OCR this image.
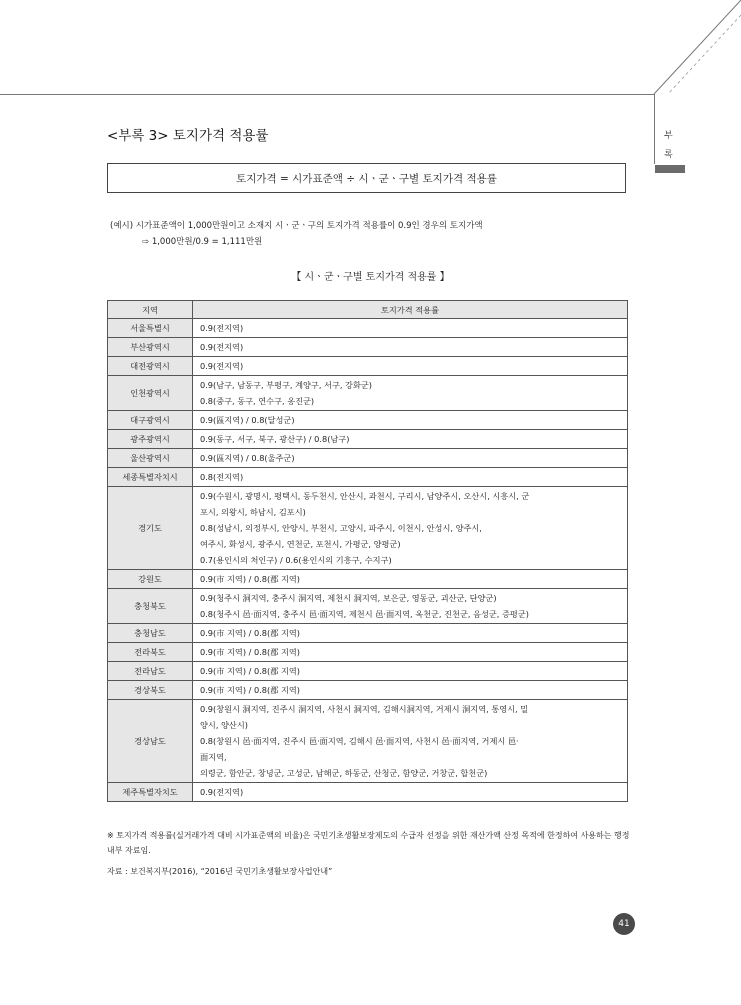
부
록
<부록 3> 토지가격 적용률
토지가격 = 시가표준액 ÷ 시ㆍ군ㆍ구별 토지가격 적용률
(예시) 시가표준액이 1,000만원이고 소재지 시ㆍ군ㆍ구의 토지가격 적용률이 0.9인 경우의 토지가액
⇨ 1,000만원/0.9 = 1,111만원
【 시ㆍ군ㆍ구별 토지가격 적용률 】
지역	토지가격 적용률
서울특별시	0.9(전지역)

부산광역시	0.9(전지역)

대전광역시	0.9(전지역)

인천광역시	0.9(남구, 남동구, 부평구, 계양구, 서구, 강화군)
0.8(중구, 동구, 연수구, 옹진군)

대구광역시	0.9(區지역) / 0.8(달성군)

광주광역시	0.9(동구, 서구, 북구, 광산구) / 0.8(남구)

울산광역시	0.9(區지역) / 0.8(울주군)

세종특별자치시	0.8(전지역)

경기도	0.9(수원시, 광명시, 평택시, 동두천시, 안산시, 과천시, 구리시, 남양주시, 오산시, 시흥시, 군
포시, 의왕시, 하남시, 김포시)
0.8(성남시, 의정부시, 안양시, 부천시, 고양시, 파주시, 이천시, 안성시, 양주시,
여주시, 화성시, 광주시, 연천군, 포천시, 가평군, 양평군)
0.7(용인시의 처인구) / 0.6(용인시의 기흥구, 수지구)

강원도	0.9(市 지역) / 0.8(郡 지역)

충청북도	0.9(청주시 洞지역, 충주시 洞지역, 제천시 洞지역, 보은군, 영동군, 괴산군, 단양군)
0.8(청주시 邑·面지역, 충주시 邑·面지역, 제천시 邑·面지역, 옥천군, 진천군, 음성군, 증평군)

충청남도	0.9(市 지역) / 0.8(郡 지역)

전라북도	0.9(市 지역) / 0.8(郡 지역)

전라남도	0.9(市 지역) / 0.8(郡 지역)

경상북도	0.9(市 지역) / 0.8(郡 지역)

경상남도	0.9(창원시 洞지역, 진주시 洞지역, 사천시 洞지역, 김해시洞지역, 거제시 洞지역, 통영시, 밀
양시, 양산시)
0.8(창원시 邑·面지역, 진주시 邑·面지역, 김해시 邑·面지역, 사천시 邑·面지역, 거제시 邑·
面지역,
의령군, 함안군, 창녕군, 고성군, 남해군, 하동군, 산청군, 함양군, 거창군, 합천군)

제주특별자치도	0.9(전지역)
※ 토지가격 적용률(실거래가격 대비 시가표준액의 비율)은 국민기초생활보장제도의 수급자 선정을 위한 재산가액 산정 목적에 한정하여 사용하는 행정내부 자료임.
자료 : 보건복지부(2016), “2016년 국민기초생활보장사업안내”
41
